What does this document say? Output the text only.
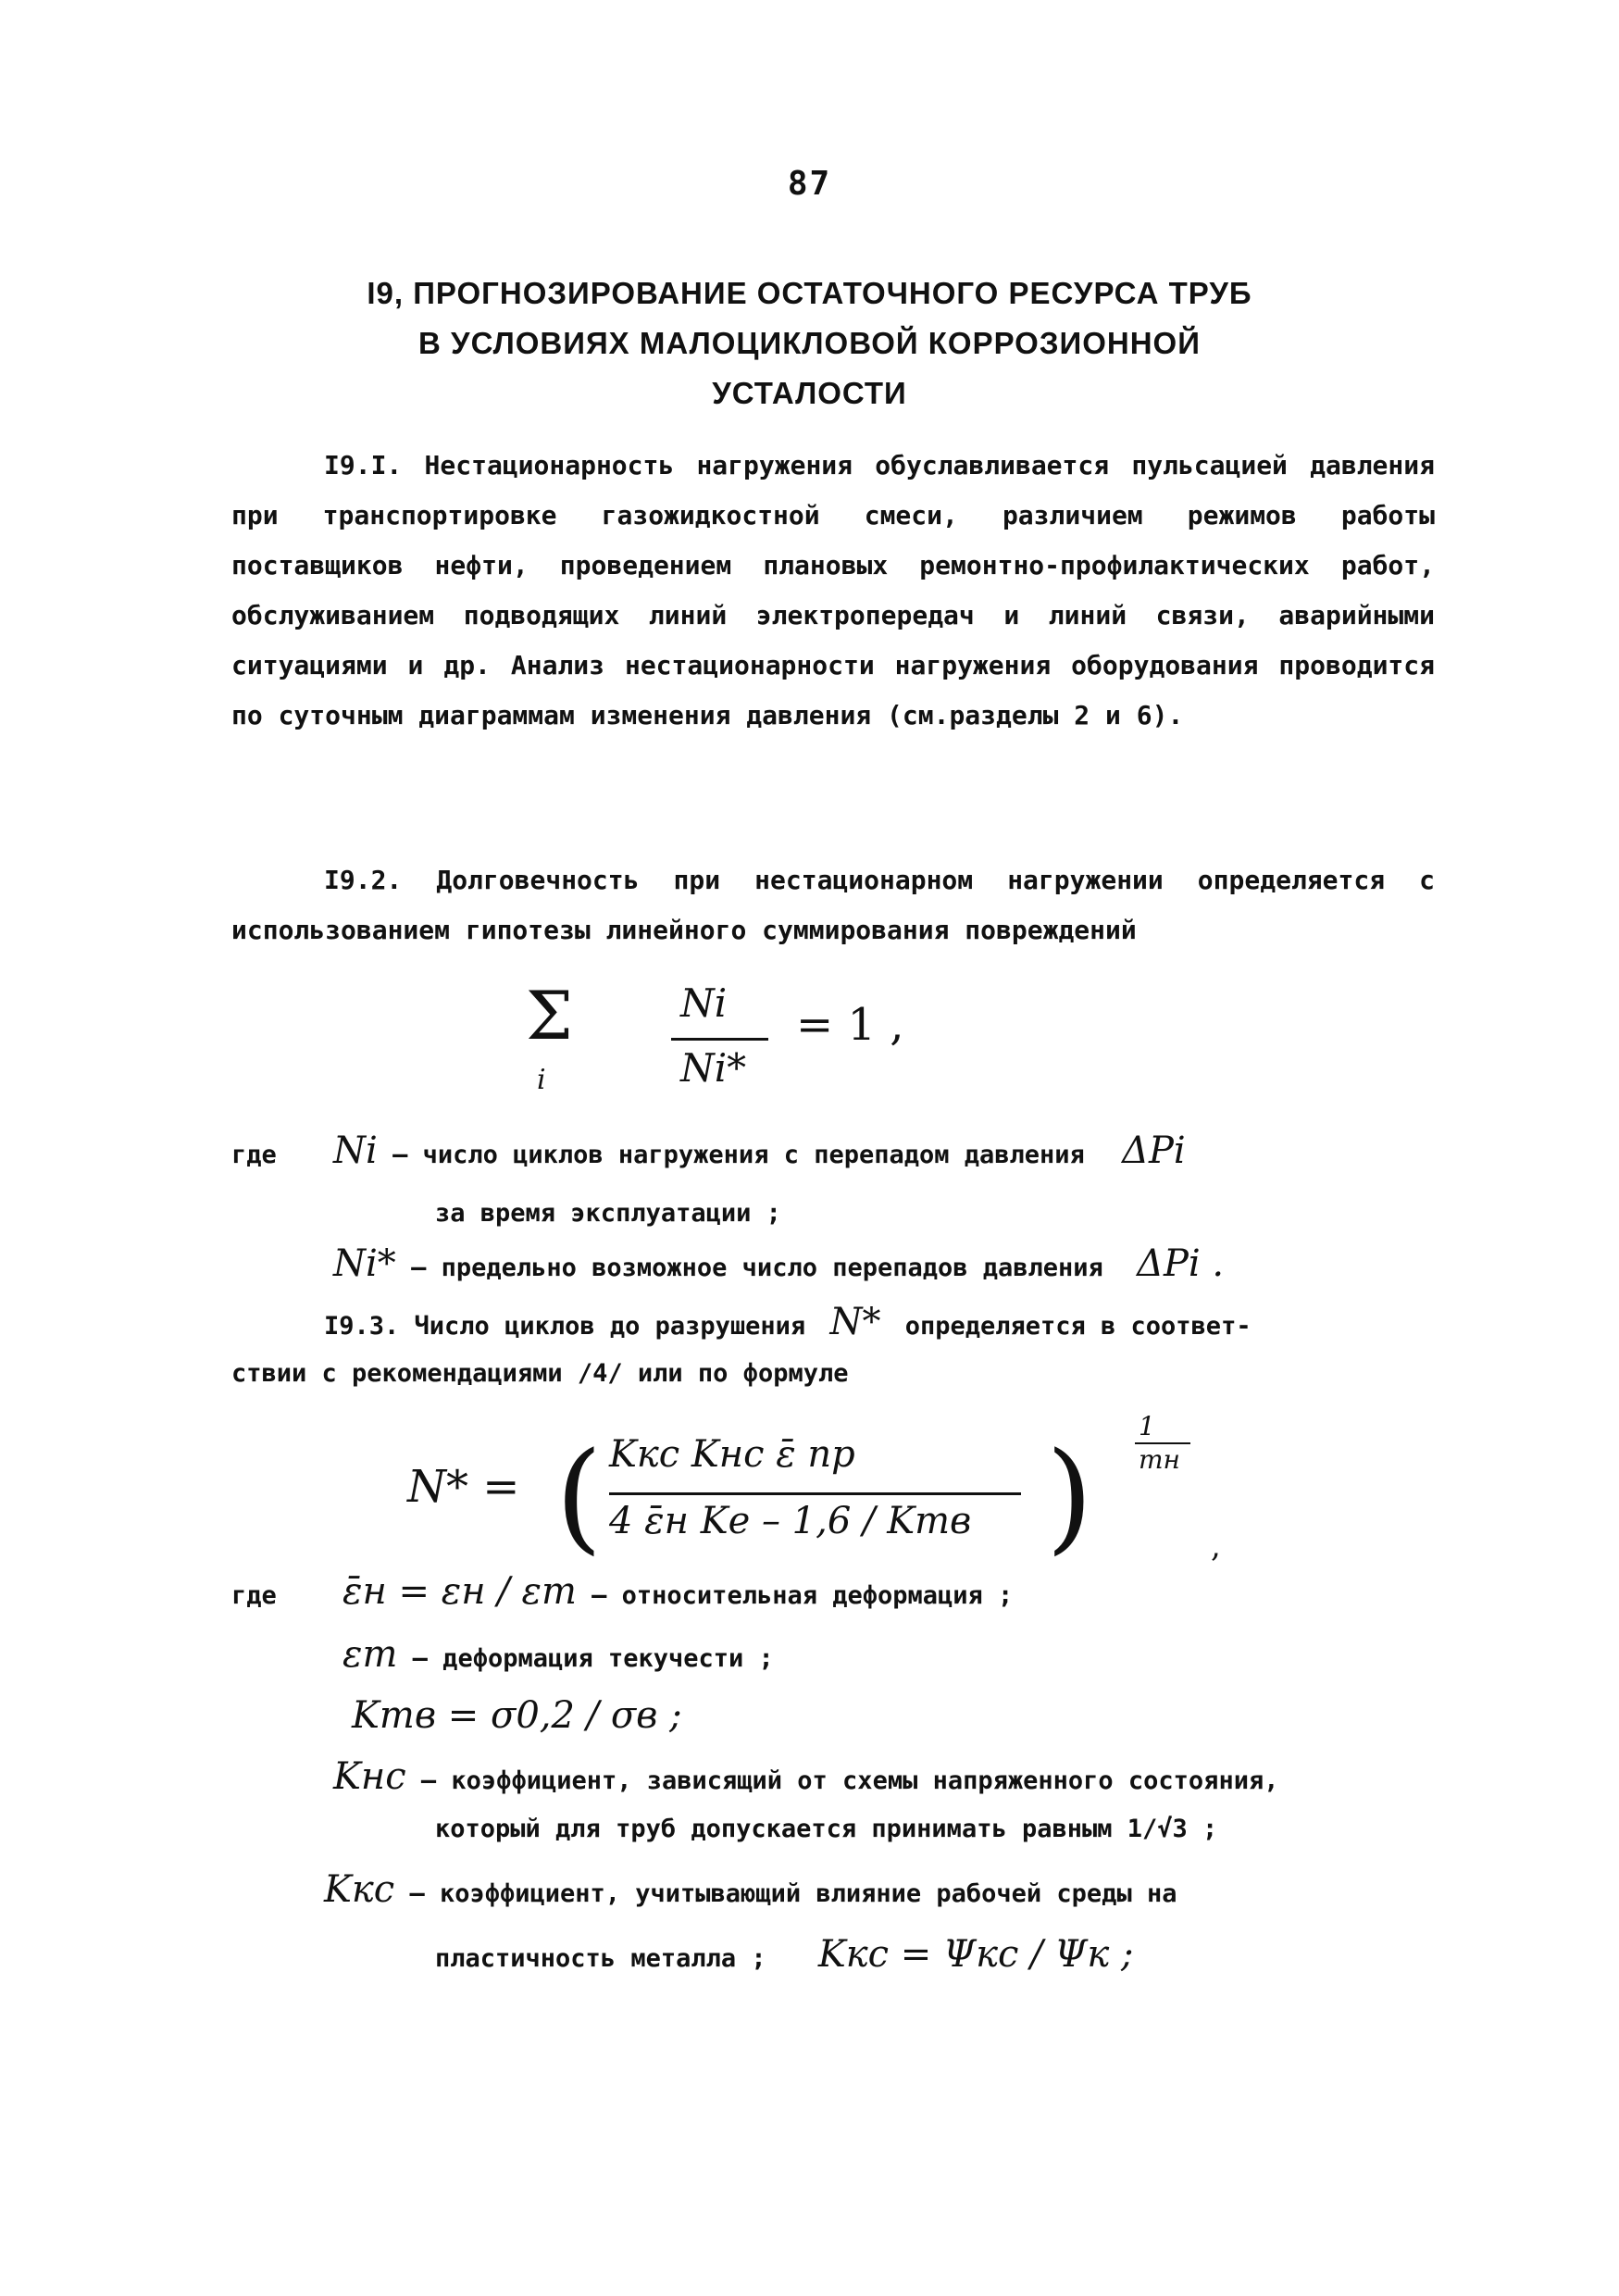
87
I9, ПРОГНОЗИРОВАНИЕ ОСТАТОЧНОГО РЕСУРСА ТРУБ
В УСЛОВИЯХ МАЛОЦИКЛОВОЙ КОРРОЗИОННОЙ
УСТАЛОСТИ
I9.I. Нестационарность нагружения обуславливается пульсацией давления при транспортировке газожидкостной смеси, различием режимов работы поставщиков нефти, проведением плановых ремонтно-профилактических работ, обслуживанием подводящих линий электропередач и линий связи, аварийными ситуациями и др. Анализ нестационарности нагружения оборудования проводится по суточным диаграммам изменения давления (см.разделы 2 и 6).
I9.2. Долговечность при нестационарном нагружении определяется с использованием гипотезы линейного суммирования повреждений
Σ
i
Ni
Ni*
= 1 ,
где Ni – число циклов нагружения с перепадом давления ΔPi
за время эксплуатации ;
Ni* – предельно возможное число перепадов давления ΔPi .
I9.3. Число циклов до разрушения N* определяется в соответ-
ствии с рекомендациями /4/ или по формуле
N* = ( Kкс Kнс ε̄ пр
4 ε̄н Kе – 1,6 / Kтв ) 1
mн
,
где ε̄н = εн / εт – относительная деформация ;
εт – деформация текучести ;
Kтв = σ0,2 / σв ;
Kнс – коэффициент, зависящий от схемы напряженного состояния,
который для труб допускается принимать равным 1/√3 ;
Kкс – коэффициент, учитывающий влияние рабочей среды на
пластичность металла ; Kкс = Ψкс / Ψк ;
